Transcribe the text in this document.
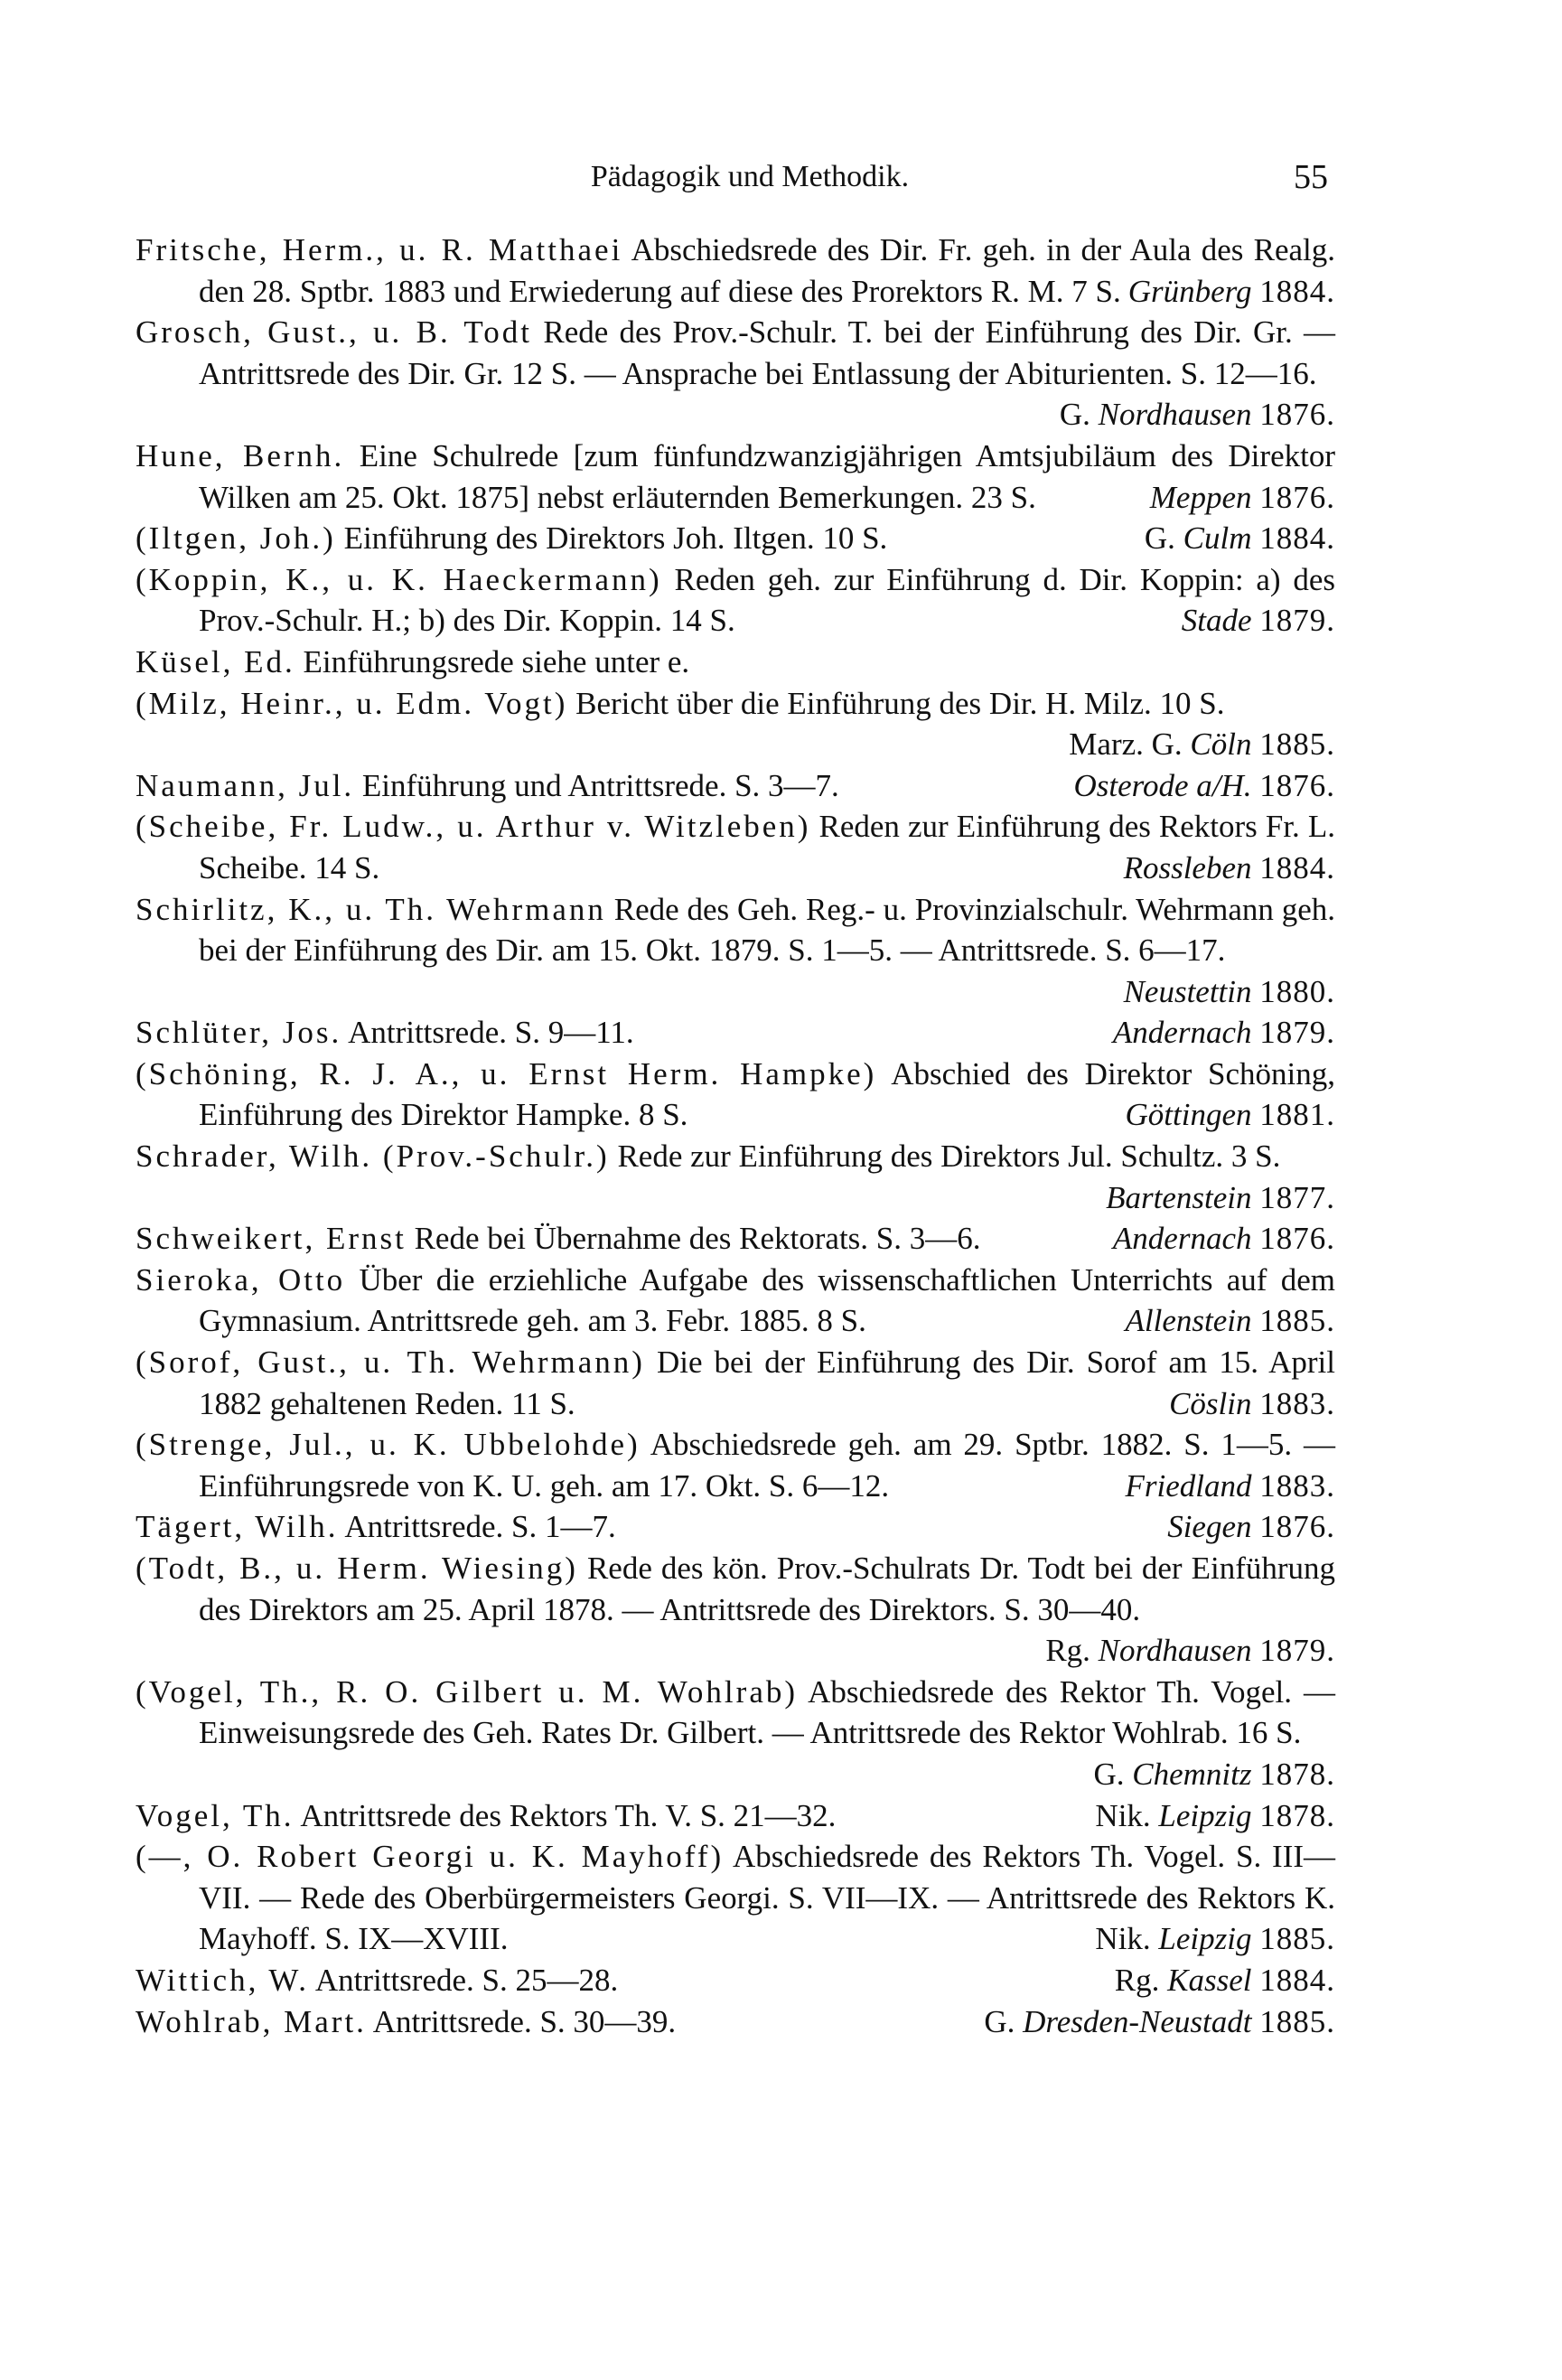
Pädagogik und Methodik.	55
Fritsche, Herm., u. R. Matthaei Abschiedsrede des Dir. Fr. geh. in der Aula des Realg. den 28. Sptbr. 1883 und Erwiederung auf diese des Prorektors R. M. 7 S. Grünberg 1884.
Grosch, Gust., u. B. Todt Rede des Prov.-Schulr. T. bei der Einführung des Dir. Gr. — Antrittsrede des Dir. Gr. 12 S. — Ansprache bei Entlassung der Abiturienten. S. 12—16.
G. Nordhausen 1876.
Hune, Bernh. Eine Schulrede [zum fünfundzwanzigjährigen Amtsjubiläum des Direktor Wilken am 25. Okt. 1875] nebst erläuternden Bemerkungen. 23 S.	Meppen 1876.
(Iltgen, Joh.) Einführung des Direktors Joh. Iltgen. 10 S.	G. Culm 1884.
(Koppin, K., u. K. Haeckermann) Reden geh. zur Einführung d. Dir. Koppin: a) des Prov.-Schulr. H.; b) des Dir. Koppin. 14 S.	Stade 1879.
Küsel, Ed. Einführungsrede siehe unter e.
(Milz, Heinr., u. Edm. Vogt) Bericht über die Einführung des Dir. H. Milz. 10 S.
Marz. G. Cöln 1885.
Naumann, Jul. Einführung und Antrittsrede. S. 3—7.	Osterode a/H. 1876.
(Scheibe, Fr. Ludw., u. Arthur v. Witzleben) Reden zur Einführung des Rektors Fr. L. Scheibe. 14 S.	Rossleben 1884.
Schirlitz, K., u. Th. Wehrmann Rede des Geh. Reg.- u. Provinzialschulr. Wehrmann geh. bei der Einführung des Dir. am 15. Okt. 1879. S. 1—5. — Antrittsrede. S. 6—17.
Neustettin 1880.
Schlüter, Jos. Antrittsrede. S. 9—11.	Andernach 1879.
(Schöning, R. J. A., u. Ernst Herm. Hampke) Abschied des Direktor Schöning, Einführung des Direktor Hampke. 8 S.	Göttingen 1881.
Schrader, Wilh. (Prov.-Schulr.) Rede zur Einführung des Direktors Jul. Schultz. 3 S.
Bartenstein 1877.
Schweikert, Ernst Rede bei Übernahme des Rektorats. S. 3—6.	Andernach 1876.
Sieroka, Otto Über die erziehliche Aufgabe des wissenschaftlichen Unterrichts auf dem Gymnasium. Antrittsrede geh. am 3. Febr. 1885. 8 S.	Allenstein 1885.
(Sorof, Gust., u. Th. Wehrmann) Die bei der Einführung des Dir. Sorof am 15. April 1882 gehaltenen Reden. 11 S.	Cöslin 1883.
(Strenge, Jul., u. K. Ubbelohde) Abschiedsrede geh. am 29. Sptbr. 1882. S. 1—5. — Einführungsrede von K. U. geh. am 17. Okt. S. 6—12.	Friedland 1883.
Tägert, Wilh. Antrittsrede. S. 1—7.	Siegen 1876.
(Todt, B., u. Herm. Wiesing) Rede des kön. Prov.-Schulrats Dr. Todt bei der Einführung des Direktors am 25. April 1878. — Antrittsrede des Direktors. S. 30—40.
Rg. Nordhausen 1879.
(Vogel, Th., R. O. Gilbert u. M. Wohlrab) Abschiedsrede des Rektor Th. Vogel. — Einweisungsrede des Geh. Rates Dr. Gilbert. — Antrittsrede des Rektor Wohlrab. 16 S.
G. Chemnitz 1878.
Vogel, Th. Antrittsrede des Rektors Th. V. S. 21—32.	Nik. Leipzig 1878.
(—, O. Robert Georgi u. K. Mayhoff) Abschiedsrede des Rektors Th. Vogel. S. III—VII. — Rede des Oberbürgermeisters Georgi. S. VII—IX. — Antrittsrede des Rektors K. Mayhoff. S. IX—XVIII.	Nik. Leipzig 1885.
Wittich, W. Antrittsrede. S. 25—28.	Rg. Kassel 1884.
Wohlrab, Mart. Antrittsrede. S. 30—39.	G. Dresden-Neustadt 1885.
